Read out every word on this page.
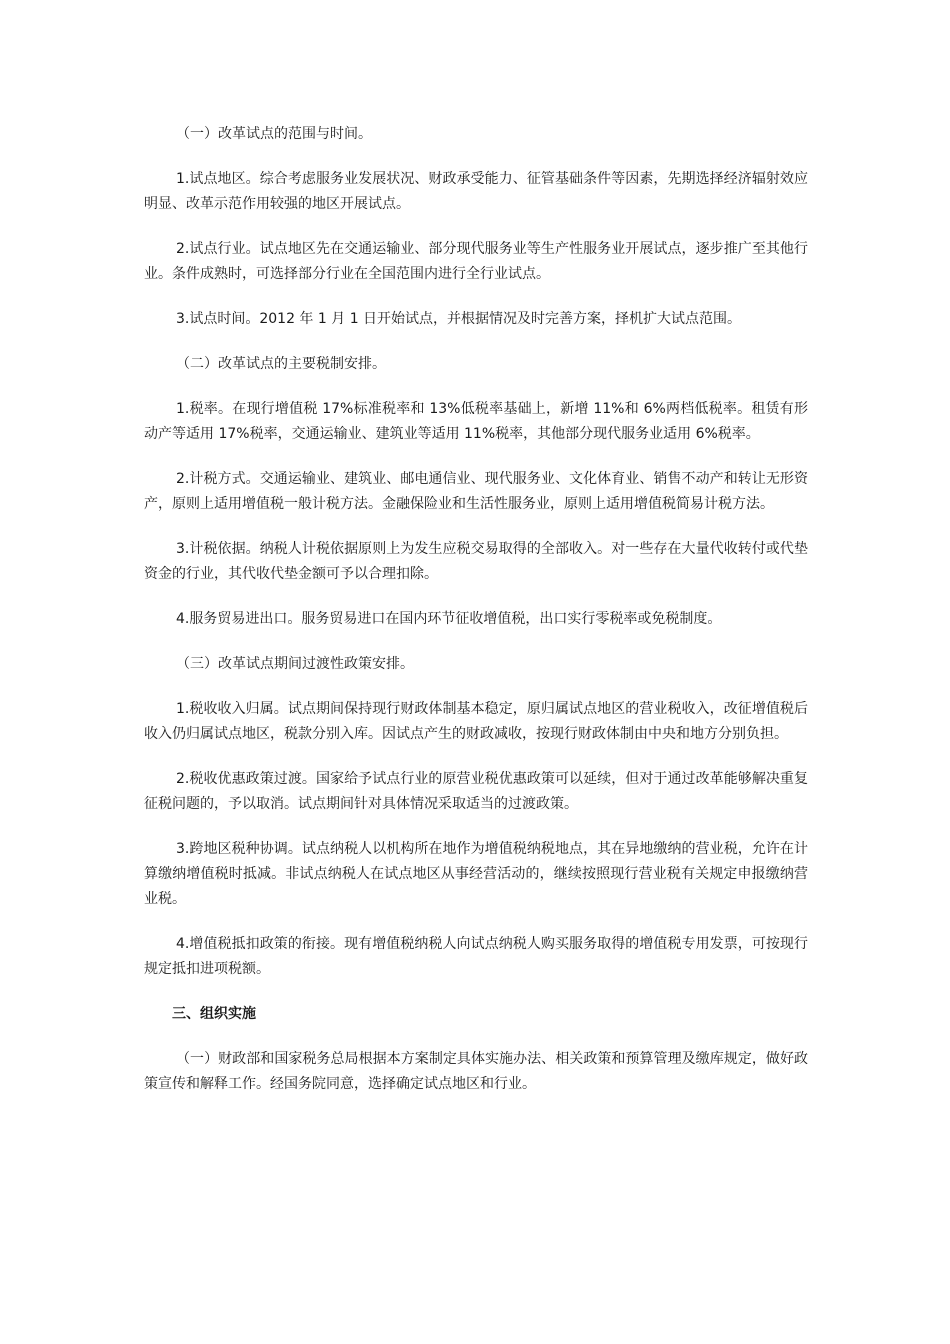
（一）改革试点的范围与时间。

1.试点地区。综合考虑服务业发展状况、财政承受能力、征管基础条件等因素，先期选择经济辐射效应明显、改革示范作用较强的地区开展试点。

2.试点行业。试点地区先在交通运输业、部分现代服务业等生产性服务业开展试点，逐步推广至其他行业。条件成熟时，可选择部分行业在全国范围内进行全行业试点。

3.试点时间。2012 年 1 月 1 日开始试点，并根据情况及时完善方案，择机扩大试点范围。

（二）改革试点的主要税制安排。

1.税率。在现行增值税 17%标准税率和 13%低税率基础上，新增 11%和 6%两档低税率。租赁有形动产等适用 17%税率，交通运输业、建筑业等适用 11%税率，其他部分现代服务业适用 6%税率。

2.计税方式。交通运输业、建筑业、邮电通信业、现代服务业、文化体育业、销售不动产和转让无形资产，原则上适用增值税一般计税方法。金融保险业和生活性服务业，原则上适用增值税简易计税方法。

3.计税依据。纳税人计税依据原则上为发生应税交易取得的全部收入。对一些存在大量代收转付或代垫资金的行业，其代收代垫金额可予以合理扣除。

4.服务贸易进出口。服务贸易进口在国内环节征收增值税，出口实行零税率或免税制度。

（三）改革试点期间过渡性政策安排。

1.税收收入归属。试点期间保持现行财政体制基本稳定，原归属试点地区的营业税收入，改征增值税后收入仍归属试点地区，税款分别入库。因试点产生的财政减收，按现行财政体制由中央和地方分别负担。

2.税收优惠政策过渡。国家给予试点行业的原营业税优惠政策可以延续，但对于通过改革能够解决重复征税问题的，予以取消。试点期间针对具体情况采取适当的过渡政策。

3.跨地区税种协调。试点纳税人以机构所在地作为增值税纳税地点，其在异地缴纳的营业税，允许在计算缴纳增值税时抵减。非试点纳税人在试点地区从事经营活动的，继续按照现行营业税有关规定申报缴纳营业税。

4.增值税抵扣政策的衔接。现有增值税纳税人向试点纳税人购买服务取得的增值税专用发票，可按现行规定抵扣进项税额。

三、组织实施

（一）财政部和国家税务总局根据本方案制定具体实施办法、相关政策和预算管理及缴库规定，做好政策宣传和解释工作。经国务院同意，选择确定试点地区和行业。
